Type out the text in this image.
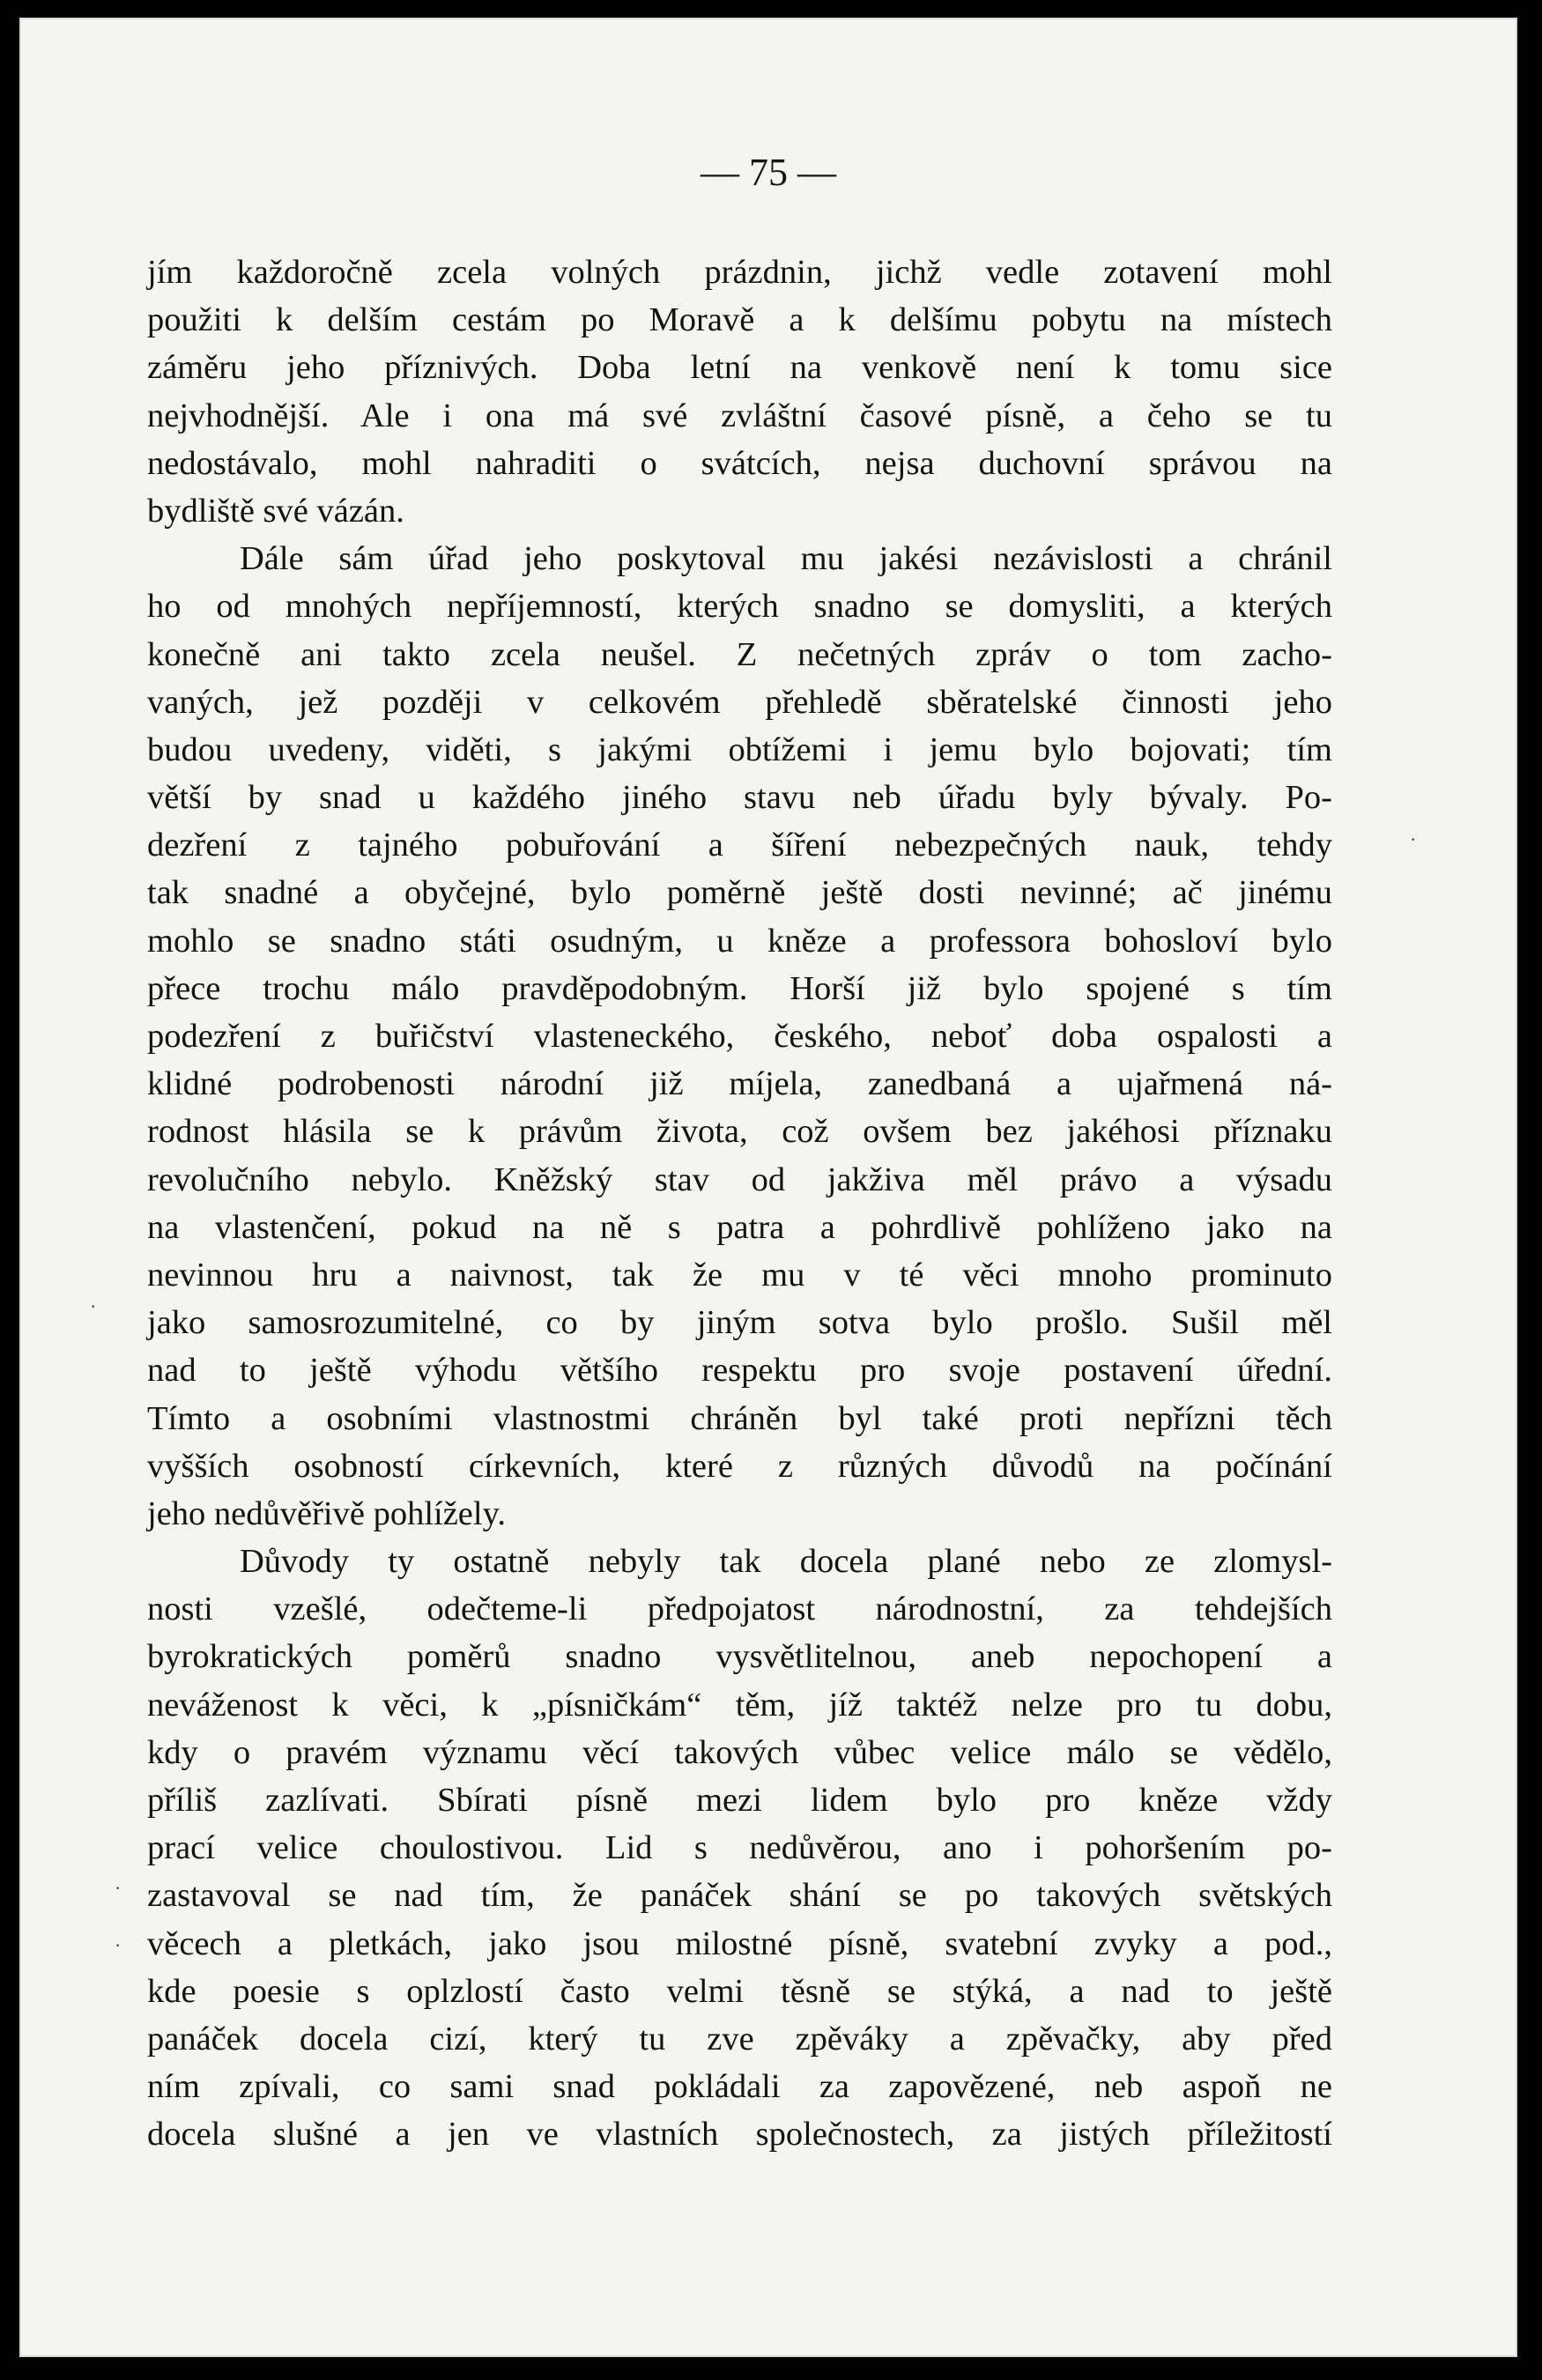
— 75 —
jím každoročně zcela volných prázdnin, jichž vedle zotavení mohl
použiti k delším cestám po Moravě a k delšímu pobytu na místech
záměru jeho příznivých. Doba letní na venkově není k tomu sice
nejvhodnější. Ale i ona má své zvláštní časové písně, a čeho se tu
nedostávalo, mohl nahraditi o svátcích, nejsa duchovní správou na
bydliště své vázán.
Dále sám úřad jeho poskytoval mu jakési nezávislosti a chránil
ho od mnohých nepříjemností, kterých snadno se domysliti, a kterých
konečně ani takto zcela neušel. Z nečetných zpráv o tom zacho-
vaných, jež později v celkovém přehledě sběratelské činnosti jeho
budou uvedeny, viděti, s jakými obtížemi i jemu bylo bojovati; tím
větší by snad u každého jiného stavu neb úřadu byly bývaly. Po-
dezření z tajného pobuřování a šíření nebezpečných nauk, tehdy
tak snadné a obyčejné, bylo poměrně ještě dosti nevinné; ač jinému
mohlo se snadno státi osudným, u kněze a professora bohosloví bylo
přece trochu málo pravděpodobným. Horší již bylo spojené s tím
podezření z buřičství vlasteneckého, českého, neboť doba ospalosti a
klidné podrobenosti národní již míjela, zanedbaná a ujařmená ná-
rodnost hlásila se k právům života, což ovšem bez jakéhosi příznaku
revolučního nebylo. Kněžský stav od jakživa měl právo a výsadu
na vlastenčení, pokud na ně s patra a pohrdlivě pohlíženo jako na
nevinnou hru a naivnost, tak že mu v té věci mnoho prominuto
jako samosrozumitelné, co by jiným sotva bylo prošlo. Sušil měl
nad to ještě výhodu většího respektu pro svoje postavení úřední.
Tímto a osobními vlastnostmi chráněn byl také proti nepřízni těch
vyšších osobností církevních, které z různých důvodů na počínání
jeho nedůvěřivě pohlížely.
Důvody ty ostatně nebyly tak docela plané nebo ze zlomysl-
nosti vzešlé, odečteme-li předpojatost národnostní, za tehdejších
byrokratických poměrů snadno vysvětlitelnou, aneb nepochopení a
neváženost k věci, k „písničkám“ těm, jíž taktéž nelze pro tu dobu,
kdy o pravém významu věcí takových vůbec velice málo se vědělo,
příliš zazlívati. Sbírati písně mezi lidem bylo pro kněze vždy
prací velice choulostivou. Lid s nedůvěrou, ano i pohoršením po-
zastavoval se nad tím, že panáček shání se po takových světských
věcech a pletkách, jako jsou milostné písně, svatební zvyky a pod.,
kde poesie s oplzlostí často velmi těsně se stýká, a nad to ještě
panáček docela cizí, který tu zve zpěváky a zpěvačky, aby před
ním zpívali, co sami snad pokládali za zapovězené, neb aspoň ne
docela slušné a jen ve vlastních společnostech, za jistých příležitostí
·
·
·
·
